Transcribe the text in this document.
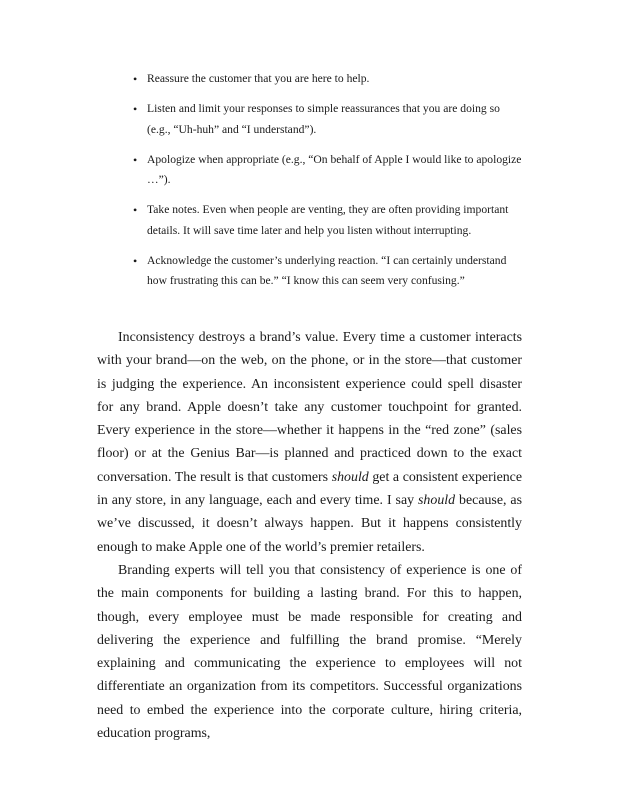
• Reassure the customer that you are here to help.
• Listen and limit your responses to simple reassurances that you are doing so (e.g., “Uh-huh” and “I understand”).
• Apologize when appropriate (e.g., “On behalf of Apple I would like to apologize …”).
• Take notes. Even when people are venting, they are often providing important details. It will save time later and help you listen without interrupting.
• Acknowledge the customer’s underlying reaction. “I can certainly understand how frustrating this can be.” “I know this can seem very confusing.”

Inconsistency destroys a brand’s value. Every time a customer interacts with your brand—on the web, on the phone, or in the store—that customer is judging the experience. An inconsistent experience could spell disaster for any brand. Apple doesn’t take any customer touchpoint for granted. Every experience in the store—whether it happens in the “red zone” (sales floor) or at the Genius Bar—is planned and practiced down to the exact conversation. The result is that customers should get a consistent experience in any store, in any language, each and every time. I say should because, as we’ve discussed, it doesn’t always happen. But it happens consistently enough to make Apple one of the world’s premier retailers.

Branding experts will tell you that consistency of experience is one of the main components for building a lasting brand. For this to happen, though, every employee must be made responsible for creating and delivering the experience and fulfilling the brand promise. “Merely explaining and communicating the experience to employees will not differentiate an organization from its competitors. Successful organizations need to embed the experience into the corporate culture, hiring criteria, education programs,
